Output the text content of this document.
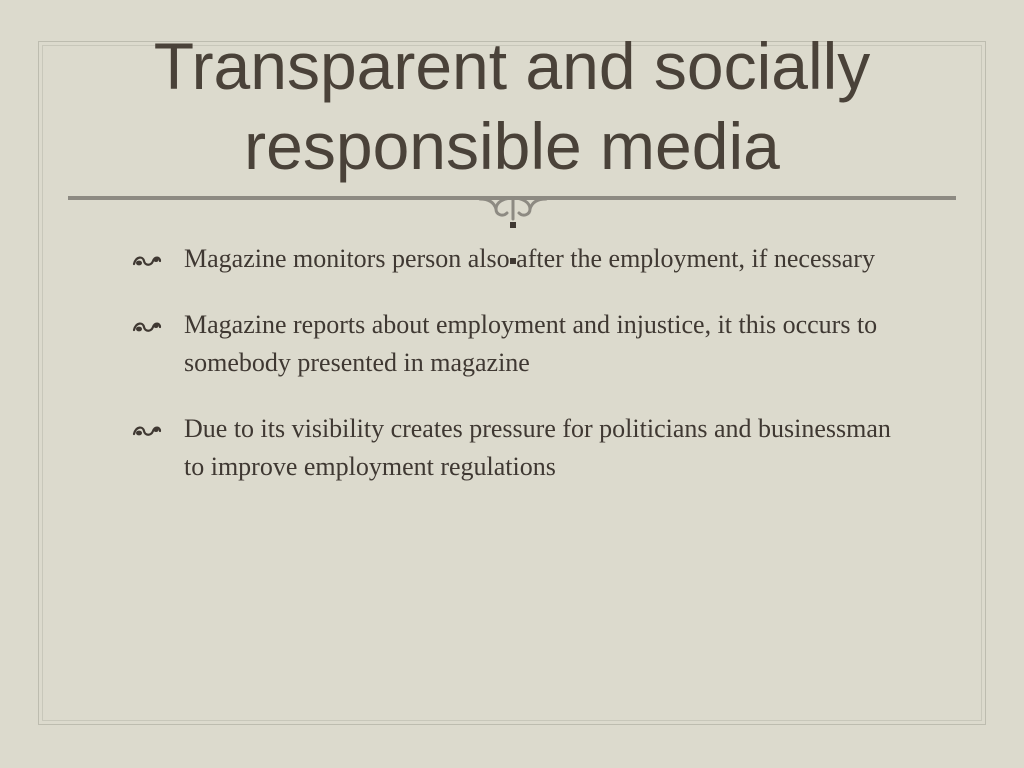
Transparent and socially
responsible media
Magazine monitors person also after the employment, if necessary
Magazine reports about employment and injustice, it this occurs to somebody presented in magazine
Due to its visibility creates pressure for politicians and businessman to improve employment regulations
